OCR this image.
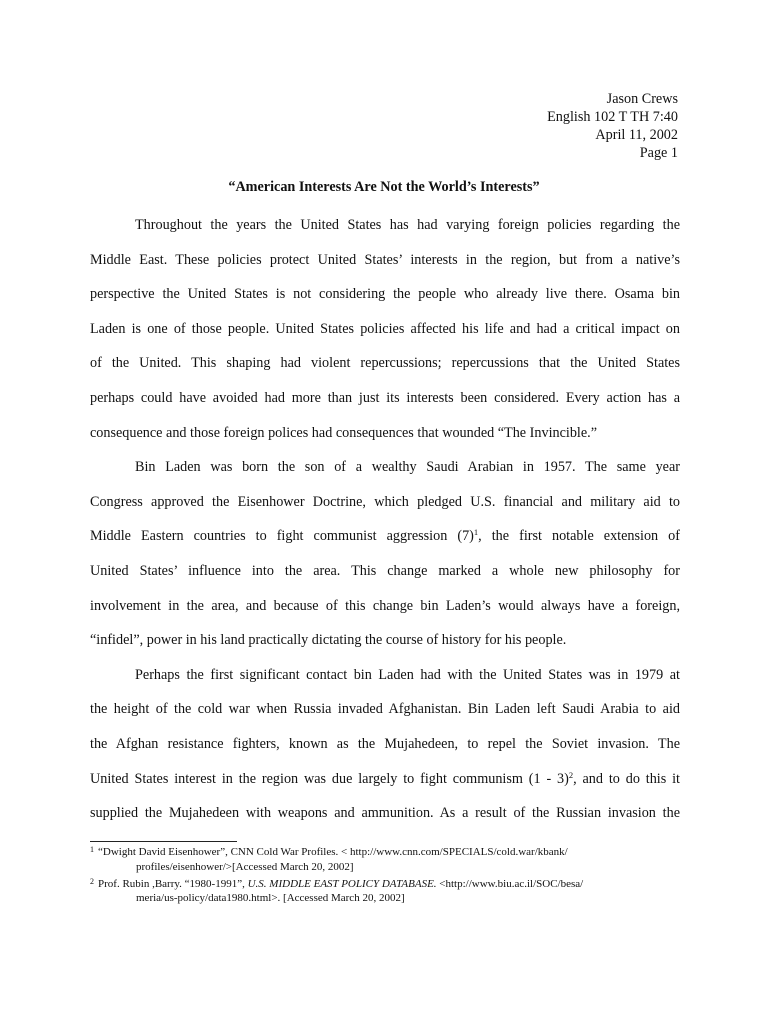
Jason Crews
English 102 T TH 7:40
April 11, 2002
Page 1
“American Interests Are Not the World’s Interests”

Throughout the years the United States has had varying foreign policies regarding the
Middle East. These policies protect United States’ interests in the region, but from a native’s
perspective the United States is not considering the people who already live there. Osama bin
Laden is one of those people. United States policies affected his life and had a critical impact on
of the United. This shaping had violent repercussions; repercussions that the United States
perhaps could have avoided had more than just its interests been considered. Every action has a
consequence and those foreign polices had consequences that wounded “The Invincible.”

Bin Laden was born the son of a wealthy Saudi Arabian in 1957. The same year
Congress approved the Eisenhower Doctrine, which pledged U.S. financial and military aid to
Middle Eastern countries to fight communist aggression $(7)^1$, the first notable extension of
United States’ influence into the area. This change marked a whole new philosophy for
involvement in the area, and because of this change bin Laden’s would always have a foreign,
“infidel”, power in his land practically dictating the course of history for his people.

Perhaps the first significant contact bin Laden had with the United States was in 1979 at
the height of the cold war when Russia invaded Afghanistan. Bin Laden left Saudi Arabia to aid
the Afghan resistance fighters, known as the Mujahedeen, to repel the Soviet invasion. The
United States interest in the region was due largely to fight communism (1 - 3)$^2$, and to do this it
supplied the Mujahedeen with weapons and ammunition. As a result of the Russian invasion the

$^1$ “Dwight David Eisenhower”, CNN Cold War Profiles. < http://www.cnn.com/SPECIALS/cold.war/kbank/
profiles/eisenhower/>[Accessed March 20, 2002]
$^2$ Prof. Rubin ,Barry. “1980-1991”, U.S. MIDDLE EAST POLICY DATABASE. <http://www.biu.ac.il/SOC/besa/
meria/us-policy/data1980.html>. [Accessed March 20, 2002]
